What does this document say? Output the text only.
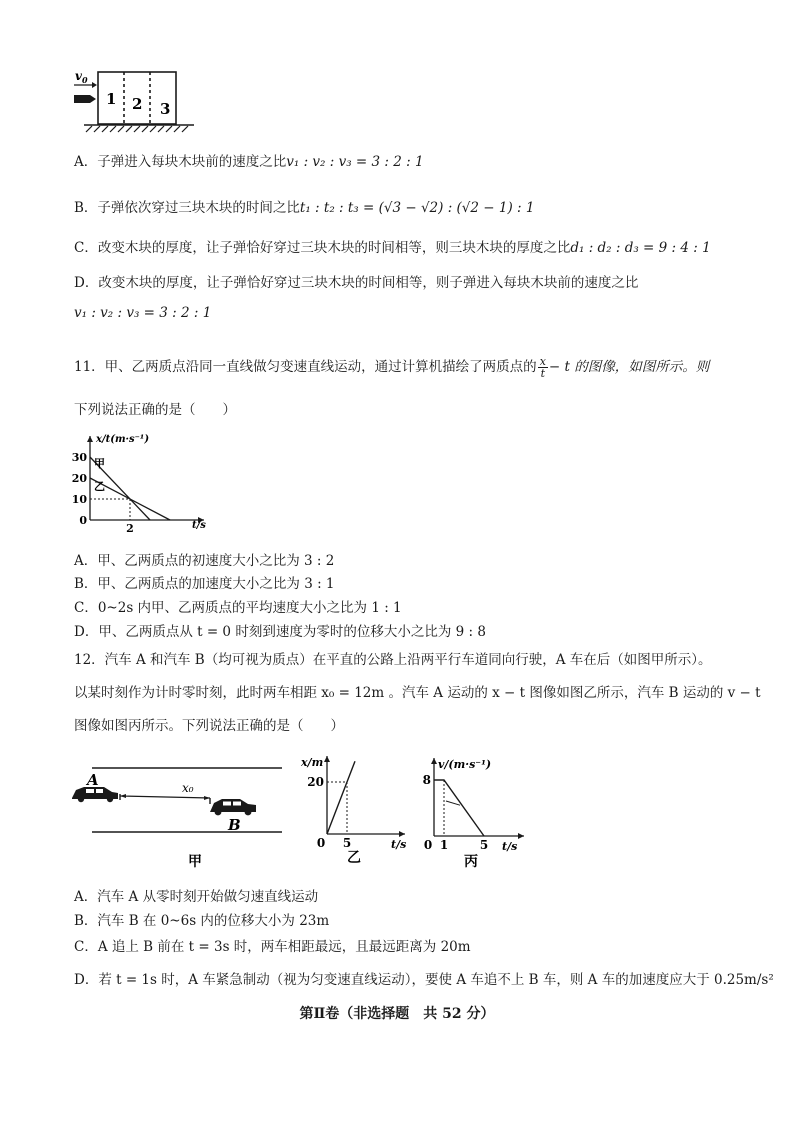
$v_0$
1 2 3
A．子弹进入每块木块前的速度之比v₁ : v₂ : v₃ = 3 : 2 : 1
B．子弹依次穿过三块木块的时间之比t₁ : t₂ : t₃ = (√3 − √2) : (√2 − 1) : 1
C．改变木块的厚度，让子弹恰好穿过三块木块的时间相等，则三块木块的厚度之比d₁ : d₂ : d₃ = 9 : 4 : 1
D．改变木块的厚度，让子弹恰好穿过三块木块的时间相等，则子弹进入每块木块前的速度之比
v₁ : v₂ : v₃ = 3 : 2 : 1
11．甲、乙两质点沿同一直线做匀变速直线运动，通过计算机描绘了两质点的 $\frac{x}{t} - t$ 的图像，如图所示。则
下列说法正确的是（　　）
x/t(m·s⁻¹)
t/s
0
10
20
30
2
甲
乙
A．甲、乙两质点的初速度大小之比为 3 : 2
B．甲、乙两质点的加速度大小之比为 3 : 1
C．0~2s 内甲、乙两质点的平均速度大小之比为 1 : 1
D．甲、乙两质点从 t = 0 时刻到速度为零时的位移大小之比为 9 : 8
12．汽车 A 和汽车 B（均可视为质点）在平直的公路上沿两平行车道同向行驶，A 车在后（如图甲所示）。
以某时刻作为计时零时刻，此时两车相距 x₀ = 12m 。汽车 A 运动的 x − t 图像如图乙所示，汽车 B 运动的 v − t
图像如图丙所示。下列说法正确的是（　　）
A	x₀
B
甲
x/m
t/s
20
5
0
乙
v/(m·s⁻¹)
t/s
8
0 1	5
丙
A．汽车 A 从零时刻开始做匀速直线运动
B．汽车 B 在 0~6s 内的位移大小为 23m
C．A 追上 B 前在 t = 3s 时，两车相距最远，且最远距离为 20m
D．若 t = 1s 时，A 车紧急制动（视为匀变速直线运动），要使 A 车追不上 B 车，则 A 车的加速度应大于 0.25m/s²
第Ⅱ卷（非选择题　共 52 分）
